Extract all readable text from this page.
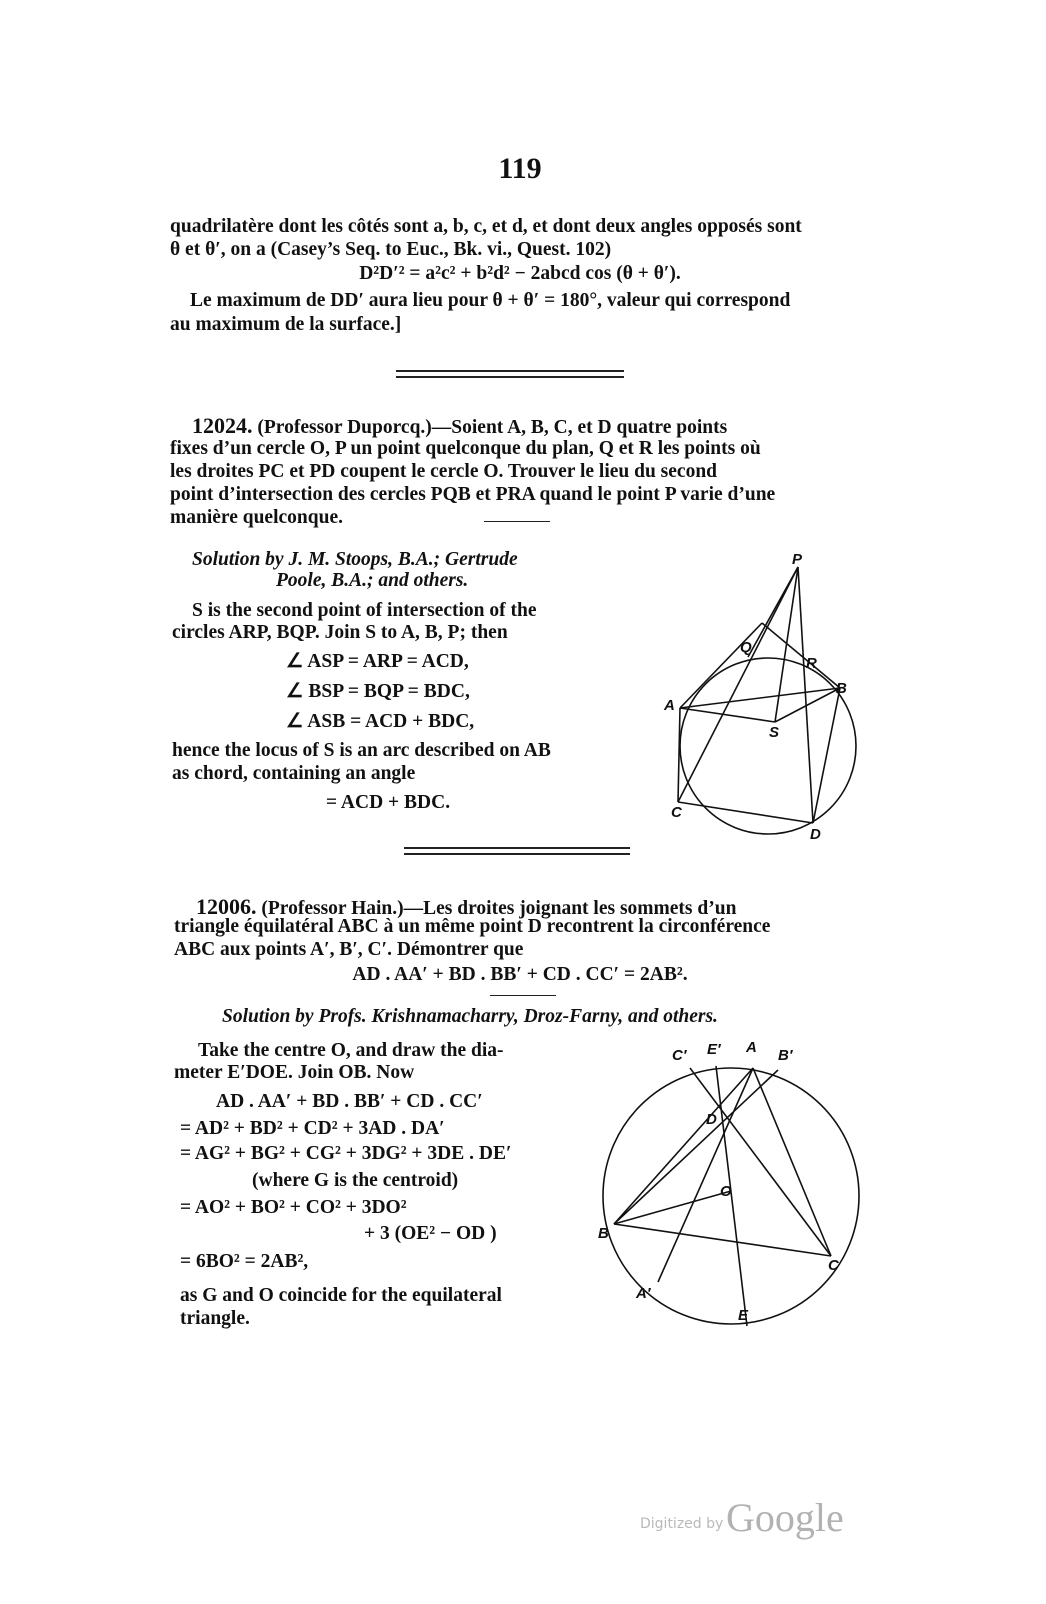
119
quadrilatère dont les côtés sont a, b, c, et d, et dont deux angles opposés sont
θ et θ′, on a (Casey’s Seq. to Euc., Bk. vi., Quest. 102)
D²D′² = a²c² + b²d² − 2abcd cos (θ + θ′).
Le maximum de DD′ aura lieu pour θ + θ′ = 180°, valeur qui correspond
au maximum de la surface.]
12024. (Professor Duporcq.)—Soient A, B, C, et D quatre points
fixes d’un cercle O, P un point quelconque du plan, Q et R les points où
les droites PC et PD coupent le cercle O. Trouver le lieu du second
point d’intersection des cercles PQB et PRA quand le point P varie d’une
manière quelconque.
Solution by J. M. Stoops, B.A.; Gertrude
Poole, B.A.; and others.
S is the second point of intersection of the
circles ARP, BQP. Join S to A, B, P; then
∠ ASP = ARP = ACD,
∠ BSP = BQP = BDC,
∠ ASB = ACD + BDC,
hence the locus of S is an arc described on AB
as chord, containing an angle
= ACD + BDC.
P
Q
R
A
B
S
C
D
12006. (Professor Hain.)—Les droites joignant les sommets d’un
triangle équilatéral ABC à un même point D recontrent la circonférence
ABC aux points A′, B′, C′. Démontrer que
AD . AA′ + BD . BB′ + CD . CC′ = 2AB².
Solution by Profs. Krishnamacharry, Droz-Farny, and others.
Take the centre O, and draw the dia-
meter E′DOE. Join OB. Now
AD . AA′ + BD . BB′ + CD . CC′
= AD² + BD² + CD² + 3AD . DA′
= AG² + BG² + CG² + 3DG² + 3DE . DE′
(where G is the centroid)
= AO² + BO² + CO² + 3DO²
+ 3 (OE² − OD )
= 6BO² = 2AB²,
as G and O coincide for the equilateral
triangle.
C′ E′ A B′
D
O
B
C
A′
E
Digitized by Google
